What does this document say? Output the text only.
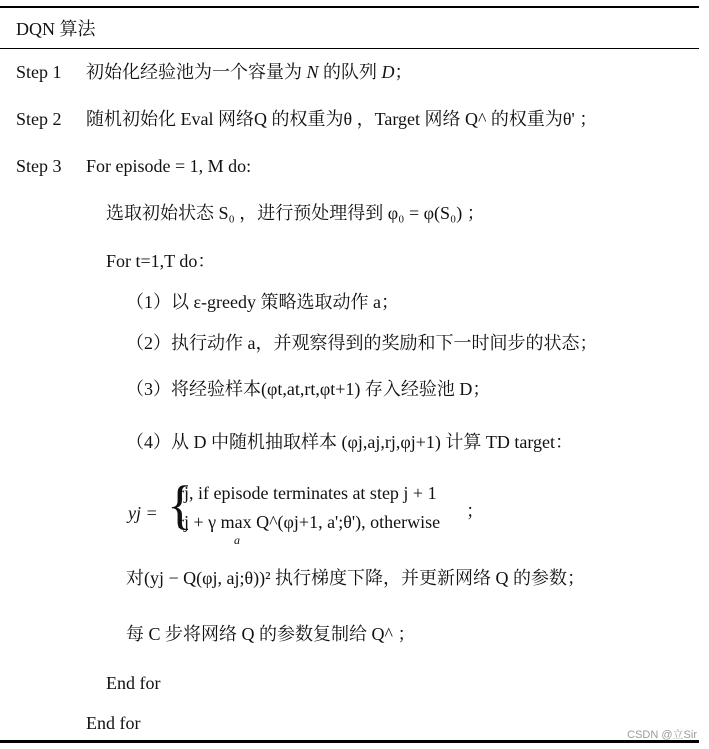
DQN 算法
Step 1 初始化经验池为一个容量为 N 的队列 D；
Step 2 随机初始化 Eval 网络Q 的权重为θ ，Target 网络 Q^ 的权重为θ' ；
Step 3 For episode = 1, M do:
选取初始状态 S₀ ，进行预处理得到 φ₀ = φ(S₀) ；
For t=1,T do：
（1）以 ε-greedy 策略选取动作 a；
（2）执行动作 a，并观察得到的奖励和下一时间步的状态；
（3）将经验样本(φt,at,rt,φt+1) 存入经验池 D；
（4）从 D 中随机抽取样本 (φj,aj,rj,φj+1) 计算 TD target：
yj = {
rj, if episode terminates at step j + 1
rj + γ max Q^(φj+1, a';θ'), otherwise
a
；
对(yj − Q(φj, aj;θ))² 执行梯度下降，并更新网络 Q 的参数；
每 C 步将网络 Q 的参数复制给 Q^ ；
End for
End for
CSDN @立Sir
